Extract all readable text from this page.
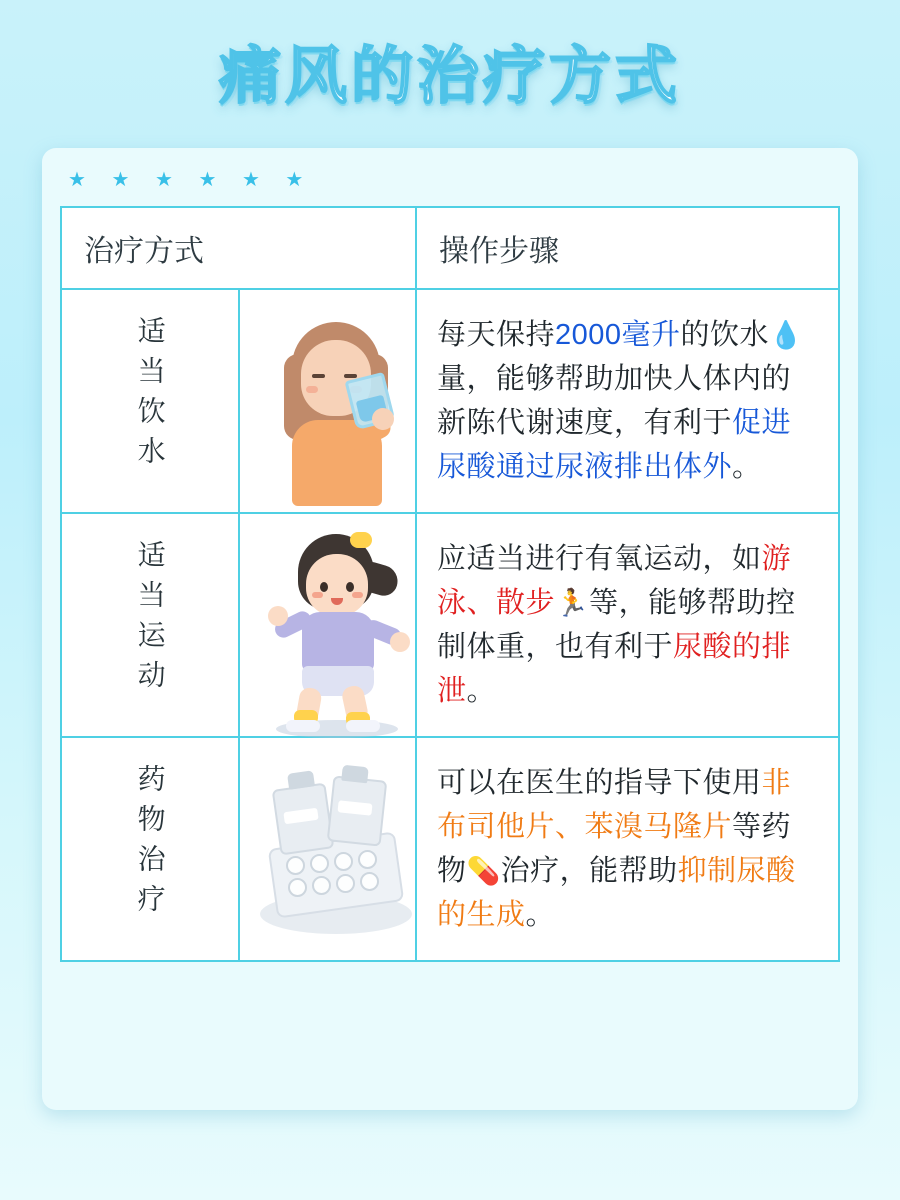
痛风的治疗方式
★ ★ ★ ★ ★ ★
治疗方式		操作步骤
适当饮水		每天保持2000毫升的饮水💧量，能够帮助加快人体内的新陈代谢速度，有利于促进尿酸通过尿液排出体外。
适当运动		应适当进行有氧运动，如游泳、散步🏃等，能够帮助控制体重，也有利于尿酸的排泄。
药物治疗		可以在医生的指导下使用非布司他片、苯溴马隆片等药物💊治疗，能帮助抑制尿酸的生成。
